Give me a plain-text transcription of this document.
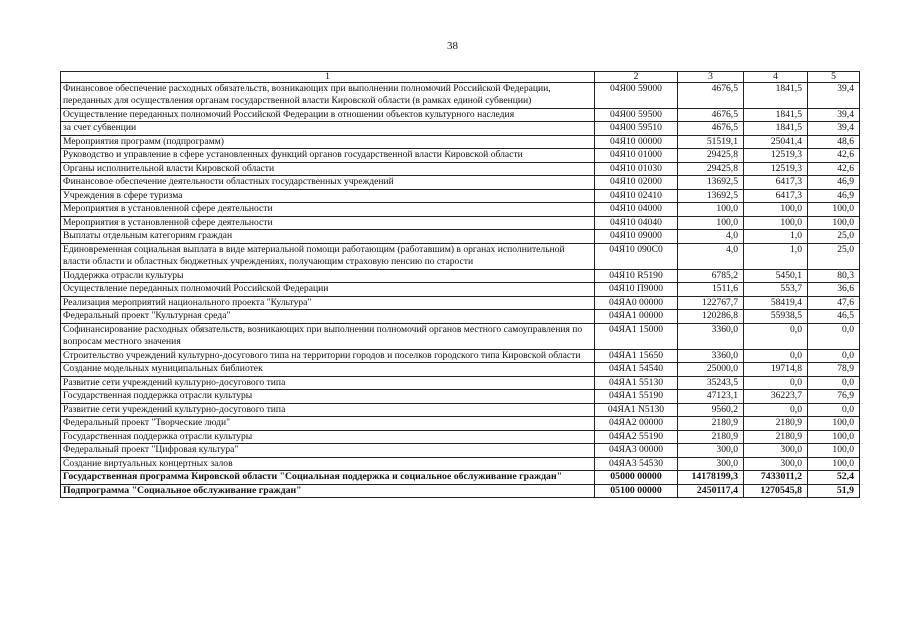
38
1	2	3	4	5
Финансовое обеспечение расходных обязательств, возникающих при выполнении полномочий Российской Федерации, переданных для осуществления органам государственной власти Кировской области (в рамках единой субвенции)	04Я00 59000	4676,5	1841,5	39,4
Осуществление переданных полномочий Российской Федерации в отношении объектов культурного наследия	04Я00 59500	4676,5	1841,5	39,4
за счет субвенции	04Я00 59510	4676,5	1841,5	39,4
Мероприятия программ (подпрограмм)	04Я10 00000	51519,1	25041,4	48,6
Руководство и управление в сфере установленных функций органов государственной власти Кировской области	04Я10 01000	29425,8	12519,3	42,6
Органы исполнительной власти Кировской области	04Я10 01030	29425,8	12519,3	42,6
Финансовое обеспечение деятельности областных государственных учреждений	04Я10 02000	13692,5	6417,3	46,9
Учреждения в сфере туризма	04Я10 02410	13692,5	6417,3	46,9
Мероприятия в установленной сфере деятельности	04Я10 04000	100,0	100,0	100,0
Мероприятия в установленной сфере деятельности	04Я10 04040	100,0	100,0	100,0
Выплаты отдельным категориям граждан	04Я10 09000	4,0	1,0	25,0
Единовременная социальная выплата в виде материальной помощи работающим (работавшим) в органах исполнительной власти области и областных бюджетных учреждениях, получающим страховую пенсию по старости	04Я10 090С0	4,0	1,0	25,0
Поддержка отрасли культуры	04Я10 R5190	6785,2	5450,1	80,3
Осуществление переданных полномочий Российской Федерации	04Я10 П9000	1511,6	553,7	36,6
Реализация мероприятий национального проекта "Культура"	04ЯА0 00000	122767,7	58419,4	47,6
Федеральный проект "Культурная среда"	04ЯА1 00000	120286,8	55938,5	46,5
Софинансирование расходных обязательств, возникающих при выполнении полномочий органов местного самоуправления по вопросам местного значения	04ЯА1 15000	3360,0	0,0	0,0
Строительство учреждений культурно-досугового типа на территории городов и поселков городского типа Кировской области	04ЯА1 15650	3360,0	0,0	0,0
Создание модельных муниципальных библиотек	04ЯА1 54540	25000,0	19714,8	78,9
Развитие сети учреждений культурно-досугового типа	04ЯА1 55130	35243,5	0,0	0,0
Государственная поддержка отрасли культуры	04ЯА1 55190	47123,1	36223,7	76,9
Развитие сети учреждений культурно-досугового типа	04ЯА1 N5130	9560,2	0,0	0,0
Федеральный проект "Творческие люди"	04ЯА2 00000	2180,9	2180,9	100,0
Государственная поддержка отрасли культуры	04ЯА2 55190	2180,9	2180,9	100,0
Федеральный проект "Цифровая культура"	04ЯА3 00000	300,0	300,0	100,0
Создание виртуальных концертных залов	04ЯА3 54530	300,0	300,0	100,0
Государственная программа Кировской области "Социальная поддержка и социальное обслуживание граждан"	05000 00000	14178199,3	7433011,2	52,4
Подпрограмма "Социальное обслуживание граждан"	05100 00000	2450117,4	1270545,8	51,9
